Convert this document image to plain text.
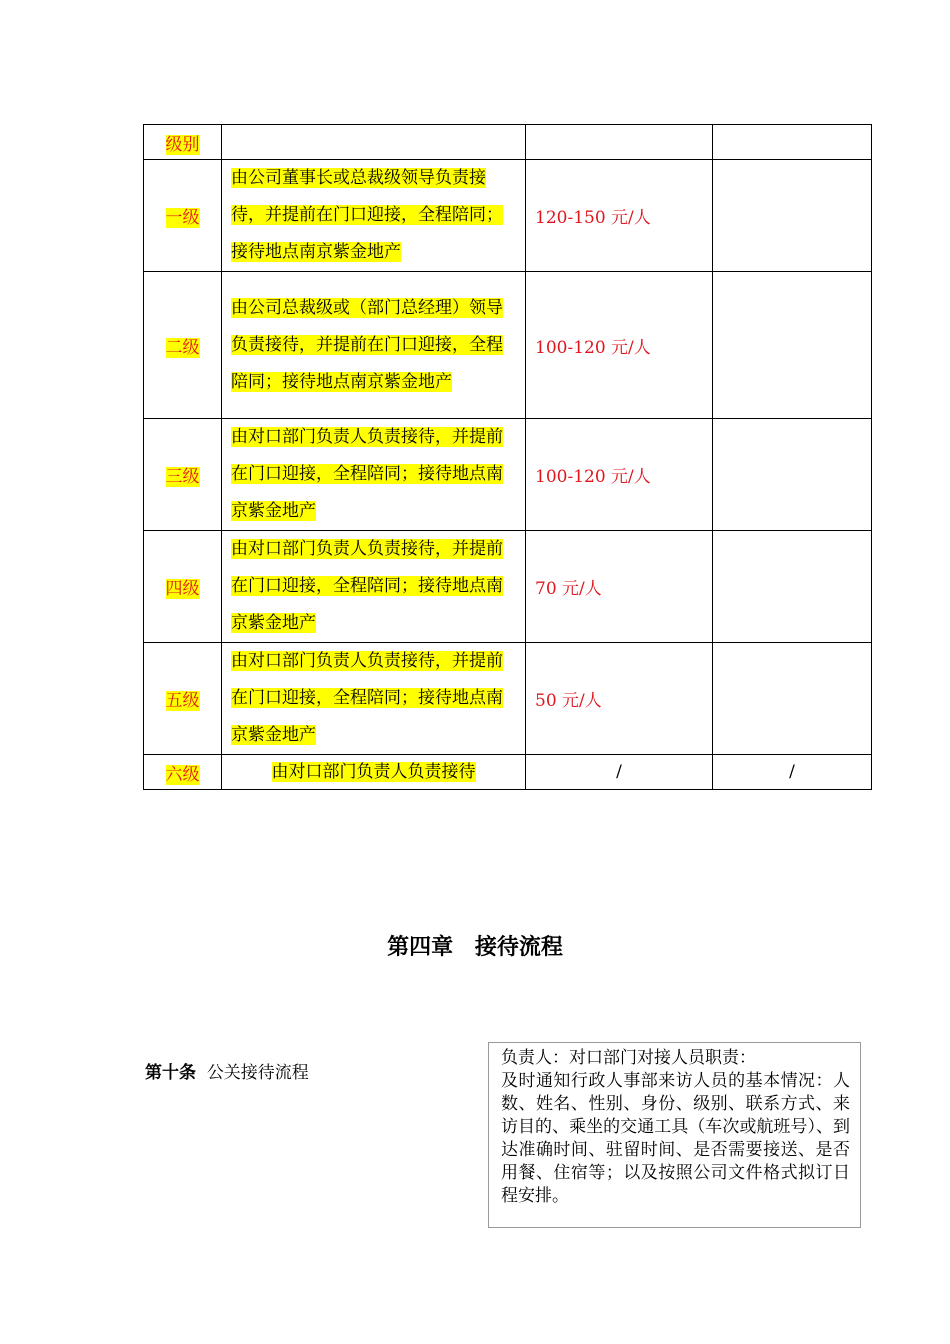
级别			
一级	由公司董事长或总裁级领导负责接待，并提前在门口迎接，全程陪同；接待地点南京紫金地产	120-150 元/人	
二级	由公司总裁级或（部门总经理）领导负责接待，并提前在门口迎接，全程陪同；接待地点南京紫金地产	100-120 元/人	
三级	由对口部门负责人负责接待，并提前在门口迎接，全程陪同；接待地点南京紫金地产	100-120 元/人	
四级	由对口部门负责人负责接待，并提前在门口迎接，全程陪同；接待地点南京紫金地产	70 元/人	
五级	由对口部门负责人负责接待，并提前在门口迎接，全程陪同；接待地点南京紫金地产	50 元/人	
六级	由对口部门负责人负责接待	/	/
第四章 接待流程
第十条 公关接待流程
负责人：对口部门对接人员职责：
及时通知行政人事部来访人员的基本情况：人数、姓名、性别、身份、级别、联系方式、来访目的、乘坐的交通工具（车次或航班号）、到达准确时间、驻留时间、是否需要接送、是否用餐、住宿等；以及按照公司文件格式拟订日程安排。
